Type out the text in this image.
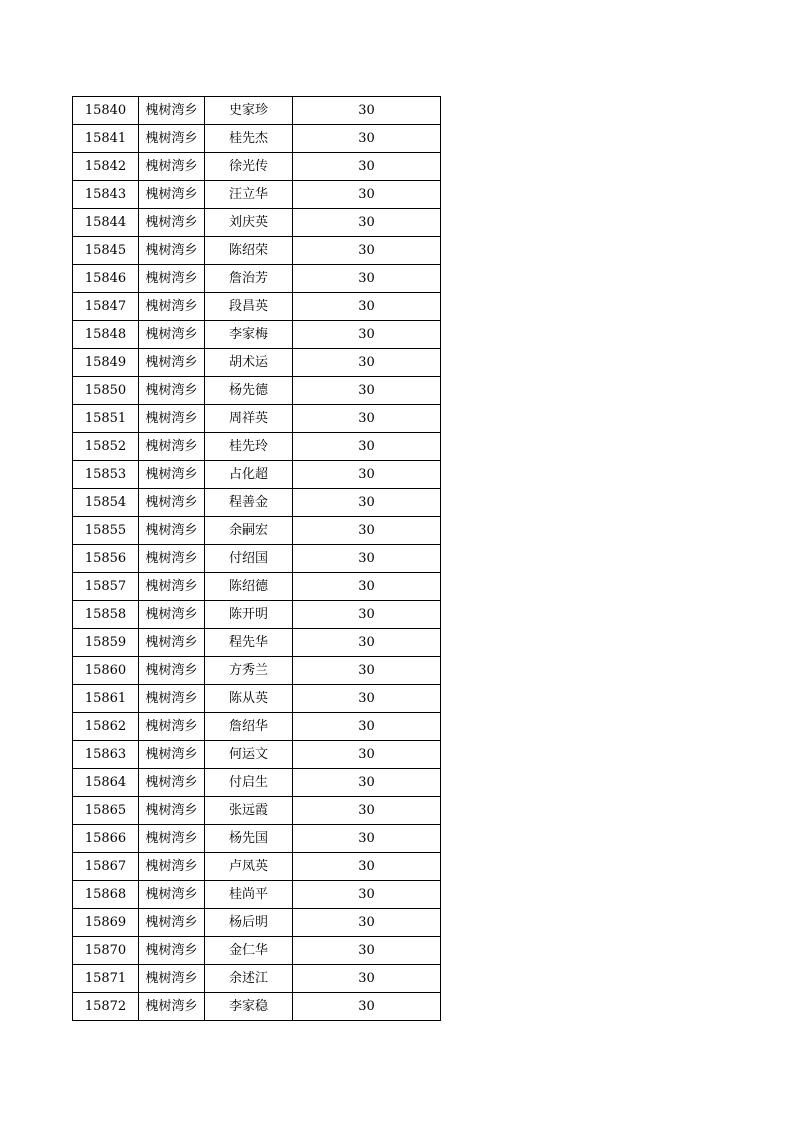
15840	槐树湾乡	史家珍	30
15841	槐树湾乡	桂先杰	30
15842	槐树湾乡	徐光传	30
15843	槐树湾乡	汪立华	30
15844	槐树湾乡	刘庆英	30
15845	槐树湾乡	陈绍荣	30
15846	槐树湾乡	詹治芳	30
15847	槐树湾乡	段昌英	30
15848	槐树湾乡	李家梅	30
15849	槐树湾乡	胡术运	30
15850	槐树湾乡	杨先德	30
15851	槐树湾乡	周祥英	30
15852	槐树湾乡	桂先玲	30
15853	槐树湾乡	占化超	30
15854	槐树湾乡	程善金	30
15855	槐树湾乡	余嗣宏	30
15856	槐树湾乡	付绍国	30
15857	槐树湾乡	陈绍德	30
15858	槐树湾乡	陈开明	30
15859	槐树湾乡	程先华	30
15860	槐树湾乡	方秀兰	30
15861	槐树湾乡	陈从英	30
15862	槐树湾乡	詹绍华	30
15863	槐树湾乡	何运文	30
15864	槐树湾乡	付启生	30
15865	槐树湾乡	张远霞	30
15866	槐树湾乡	杨先国	30
15867	槐树湾乡	卢凤英	30
15868	槐树湾乡	桂尚平	30
15869	槐树湾乡	杨后明	30
15870	槐树湾乡	金仁华	30
15871	槐树湾乡	余述江	30
15872	槐树湾乡	李家稳	30
